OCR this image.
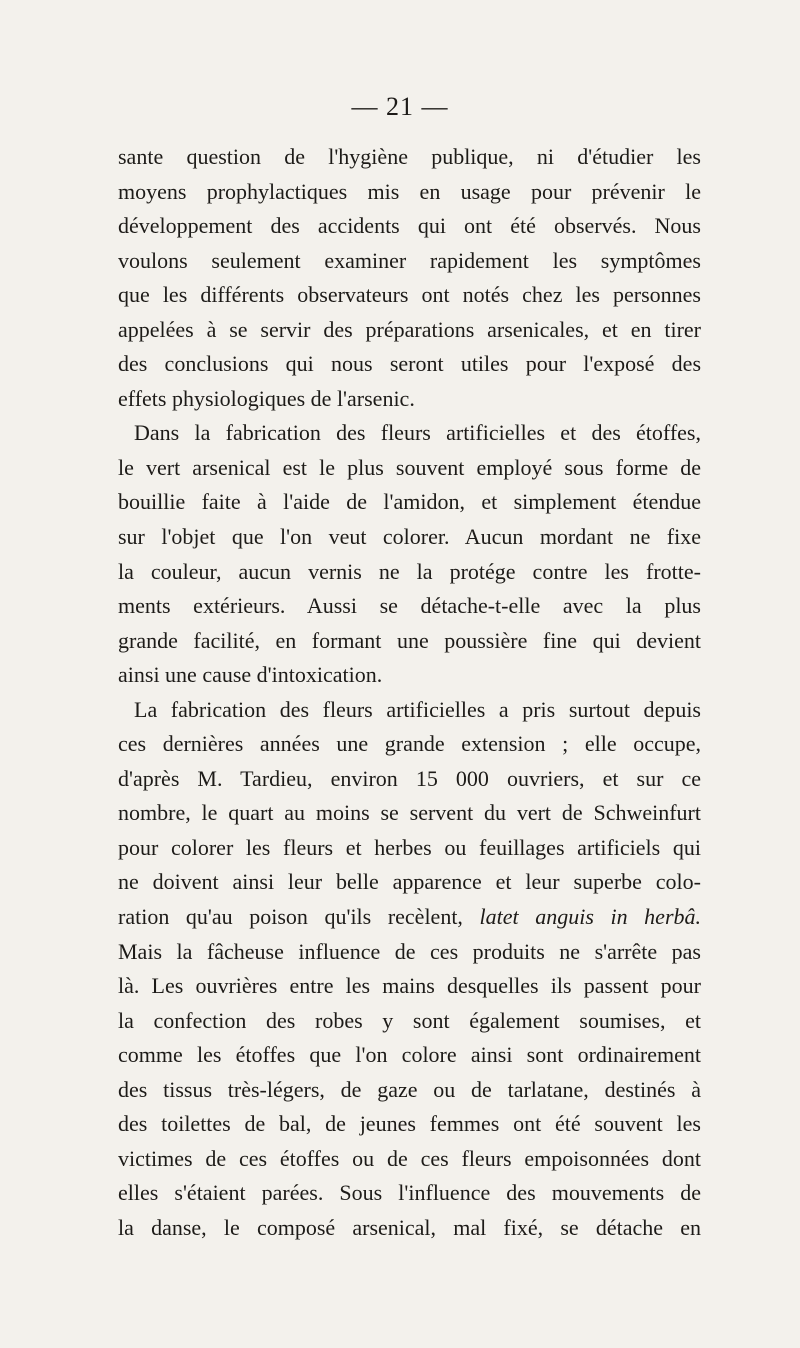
— 21 —
sante question de l'hygiène publique, ni d'étudier les
moyens prophylactiques mis en usage pour prévenir le
développement des accidents qui ont été observés. Nous
voulons seulement examiner rapidement les symptômes
que les différents observateurs ont notés chez les personnes
appelées à se servir des préparations arsenicales, et en tirer
des conclusions qui nous seront utiles pour l'exposé des
effets physiologiques de l'arsenic.
Dans la fabrication des fleurs artificielles et des étoffes,
le vert arsenical est le plus souvent employé sous forme de
bouillie faite à l'aide de l'amidon, et simplement étendue
sur l'objet que l'on veut colorer. Aucun mordant ne fixe
la couleur, aucun vernis ne la protége contre les frotte-
ments extérieurs. Aussi se détache-t-elle avec la plus
grande facilité, en formant une poussière fine qui devient
ainsi une cause d'intoxication.
La fabrication des fleurs artificielles a pris surtout depuis
ces dernières années une grande extension ; elle occupe,
d'après M. Tardieu, environ 15 000 ouvriers, et sur ce
nombre, le quart au moins se servent du vert de Schweinfurt
pour colorer les fleurs et herbes ou feuillages artificiels qui
ne doivent ainsi leur belle apparence et leur superbe colo-
ration qu'au poison qu'ils recèlent, latet anguis in herbâ.
Mais la fâcheuse influence de ces produits ne s'arrête pas
là. Les ouvrières entre les mains desquelles ils passent pour
la confection des robes y sont également soumises, et
comme les étoffes que l'on colore ainsi sont ordinairement
des tissus très-légers, de gaze ou de tarlatane, destinés à
des toilettes de bal, de jeunes femmes ont été souvent les
victimes de ces étoffes ou de ces fleurs empoisonnées dont
elles s'étaient parées. Sous l'influence des mouvements de
la danse, le composé arsenical, mal fixé, se détache en
